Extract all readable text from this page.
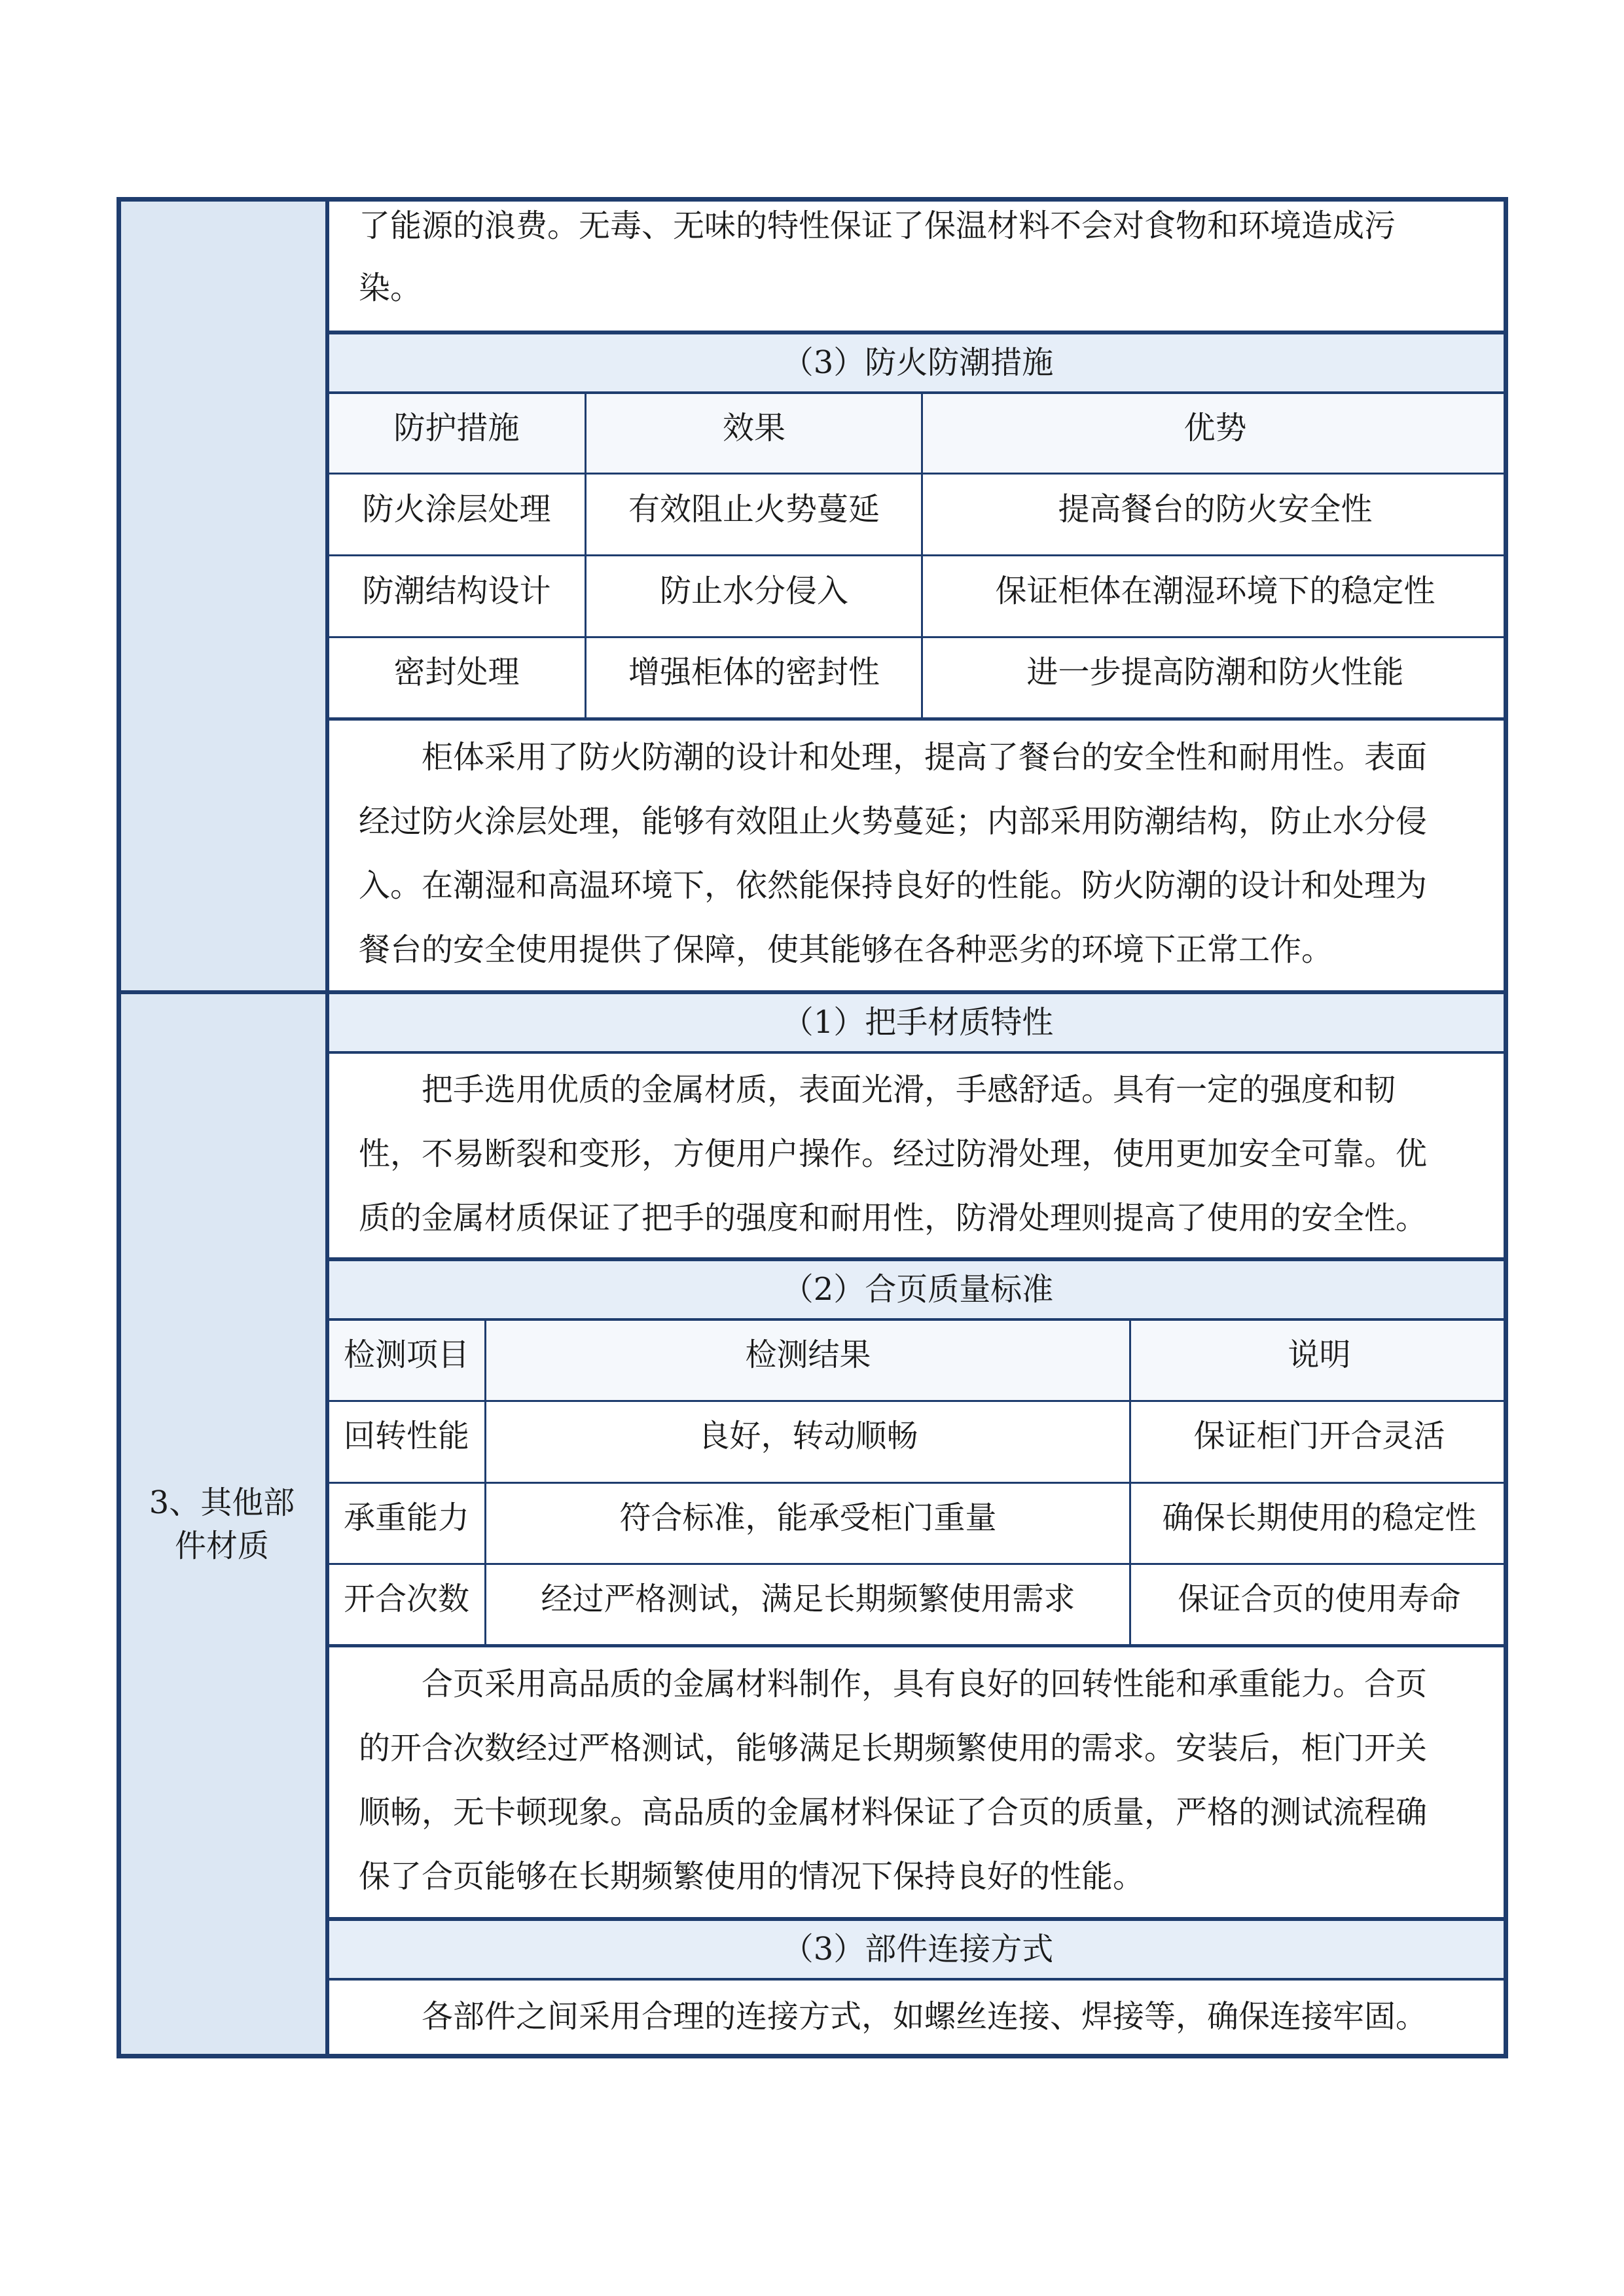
了能源的浪费。无毒、无味的特性保证了保温材料不会对食物和环境造成污
染。
（3）防火防潮措施
防护措施	效果	优势
防火涂层处理	有效阻止火势蔓延	提高餐台的防火安全性
防潮结构设计	防止水分侵入	保证柜体在潮湿环境下的稳定性
密封处理	增强柜体的密封性	进一步提高防潮和防火性能
柜体采用了防火防潮的设计和处理，提高了餐台的安全性和耐用性。表面
经过防火涂层处理，能够有效阻止火势蔓延；内部采用防潮结构，防止水分侵
入。在潮湿和高温环境下，依然能保持良好的性能。防火防潮的设计和处理为
餐台的安全使用提供了保障，使其能够在各种恶劣的环境下正常工作。
3、其他部
件材质
（1）把手材质特性
把手选用优质的金属材质，表面光滑，手感舒适。具有一定的强度和韧
性，不易断裂和变形，方便用户操作。经过防滑处理，使用更加安全可靠。优
质的金属材质保证了把手的强度和耐用性，防滑处理则提高了使用的安全性。
（2）合页质量标准
检测项目	检测结果	说明
回转性能	良好，转动顺畅	保证柜门开合灵活
承重能力	符合标准，能承受柜门重量	确保长期使用的稳定性
开合次数	经过严格测试，满足长期频繁使用需求	保证合页的使用寿命
合页采用高品质的金属材料制作，具有良好的回转性能和承重能力。合页
的开合次数经过严格测试，能够满足长期频繁使用的需求。安装后，柜门开关
顺畅，无卡顿现象。高品质的金属材料保证了合页的质量，严格的测试流程确
保了合页能够在长期频繁使用的情况下保持良好的性能。
（3）部件连接方式
各部件之间采用合理的连接方式，如螺丝连接、焊接等，确保连接牢固。
